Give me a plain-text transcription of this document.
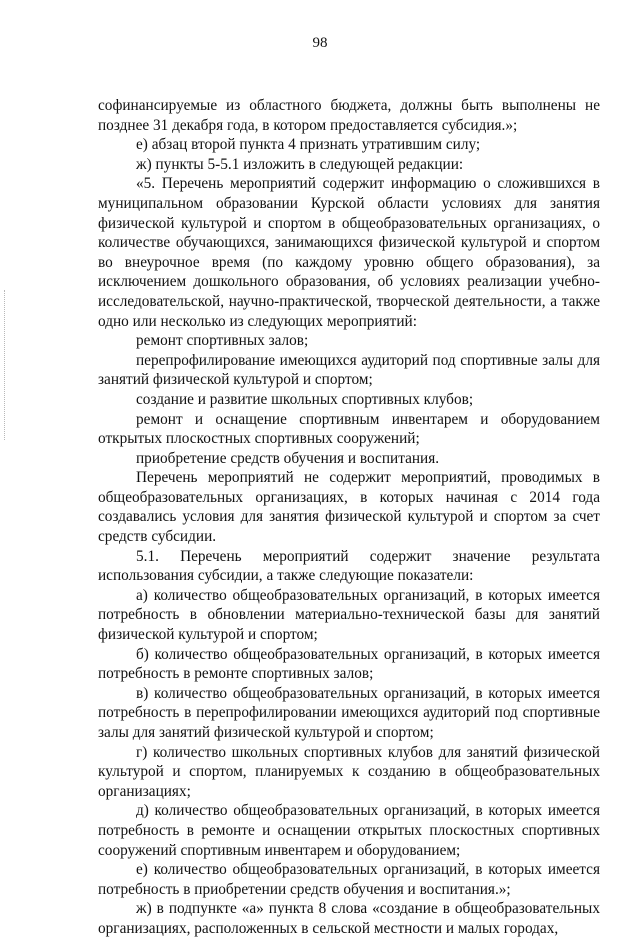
98

софинансируемые из областного бюджета, должны быть выполнены не позднее 31 декабря года, в котором предоставляется субсидия.»;

е) абзац второй пункта 4 признать утратившим силу;

ж) пункты 5-5.1 изложить в следующей редакции:

«5. Перечень мероприятий содержит информацию о сложившихся в муниципальном образовании Курской области условиях для занятия физической культурой и спортом в общеобразовательных организациях, о количестве обучающихся, занимающихся физической культурой и спортом во внеурочное время (по каждому уровню общего образования), за исключением дошкольного образования, об условиях реализации учебно-исследовательской, научно-практической, творческой деятельности, а также одно или несколько из следующих мероприятий:

ремонт спортивных залов;

перепрофилирование имеющихся аудиторий под спортивные залы для занятий физической культурой и спортом;

создание и развитие школьных спортивных клубов;

ремонт и оснащение спортивным инвентарем и оборудованием открытых плоскостных спортивных сооружений;

приобретение средств обучения и воспитания.

Перечень мероприятий не содержит мероприятий, проводимых в общеобразовательных организациях, в которых начиная с 2014 года создавались условия для занятия физической культурой и спортом за счет средств субсидии.

5.1. Перечень мероприятий содержит значение результата использования субсидии, а также следующие показатели:

а) количество общеобразовательных организаций, в которых имеется потребность в обновлении материально-технической базы для занятий физической культурой и спортом;

б) количество общеобразовательных организаций, в которых имеется потребность в ремонте спортивных залов;

в) количество общеобразовательных организаций, в которых имеется потребность в перепрофилировании имеющихся аудиторий под спортивные залы для занятий физической культурой и спортом;

г) количество школьных спортивных клубов для занятий физической культурой и спортом, планируемых к созданию в общеобразовательных организациях;

д) количество общеобразовательных организаций, в которых имеется потребность в ремонте и оснащении открытых плоскостных спортивных сооружений спортивным инвентарем и оборудованием;

е) количество общеобразовательных организаций, в которых имеется потребность в приобретении средств обучения и воспитания.»;

ж) в подпункте «а» пункта 8 слова «создание в общеобразовательных организациях, расположенных в сельской местности и малых городах,
